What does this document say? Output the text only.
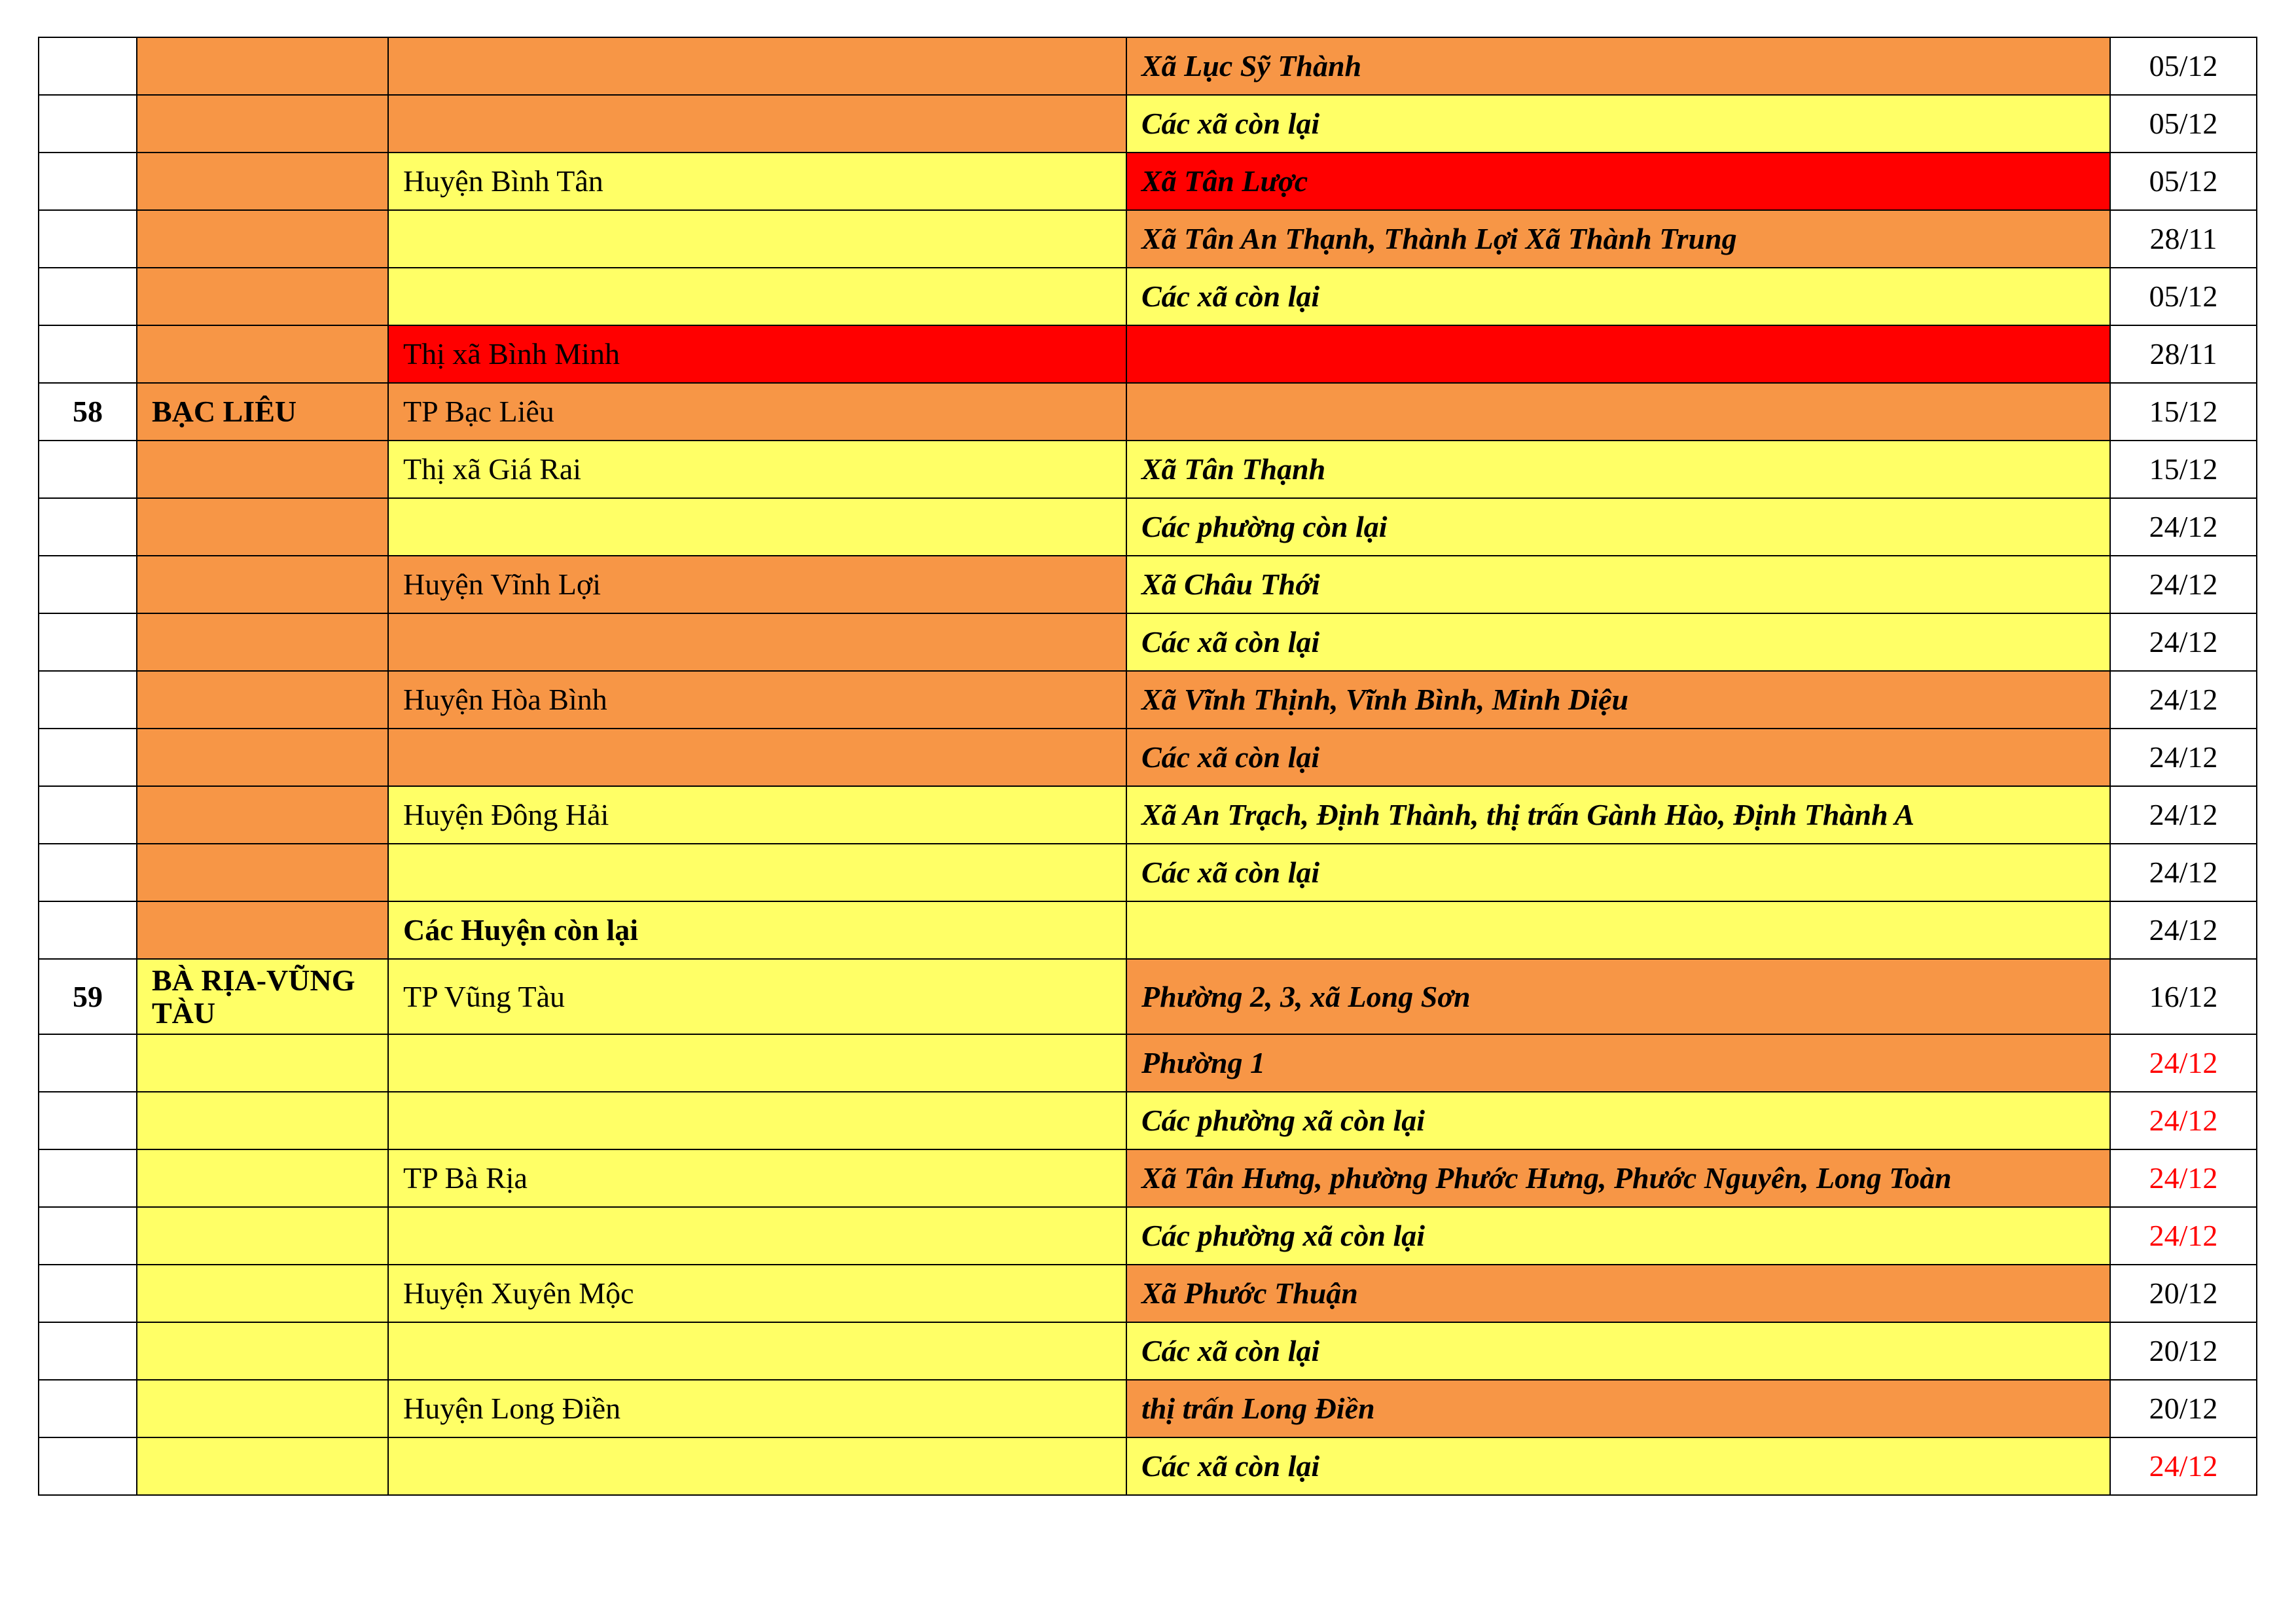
			Xã Lục Sỹ Thành	05/12
			Các xã còn lại	05/12
		Huyện Bình Tân	Xã Tân Lược	05/12
			Xã Tân An Thạnh, Thành Lợi Xã Thành Trung	28/11
			Các xã còn lại	05/12
		Thị xã Bình Minh		28/11
58	BẠC LIÊU	TP Bạc Liêu		15/12
		Thị xã Giá Rai	Xã Tân Thạnh	15/12
			Các phường còn lại	24/12
		Huyện Vĩnh Lợi	Xã Châu Thới	24/12
			Các xã còn lại	24/12
		Huyện Hòa Bình	Xã Vĩnh Thịnh, Vĩnh Bình, Minh Diệu	24/12
			Các xã còn lại	24/12
		Huyện Đông Hải	Xã An Trạch, Định Thành, thị trấn Gành Hào, Định Thành A	24/12
			Các xã còn lại	24/12
		Các Huyện còn lại		24/12
59	BÀ RỊA-VŨNG TÀU	TP Vũng Tàu	Phường 2, 3, xã Long Sơn	16/12
			Phường 1	24/12
			Các phường xã còn lại	24/12
		TP Bà Rịa	Xã Tân Hưng, phường Phước Hưng, Phước Nguyên, Long Toàn	24/12
			Các phường xã còn lại	24/12
		Huyện Xuyên Mộc	Xã Phước Thuận	20/12
			Các xã còn lại	20/12
		Huyện Long Điền	thị trấn Long Điền	20/12
			Các xã còn lại	24/12
